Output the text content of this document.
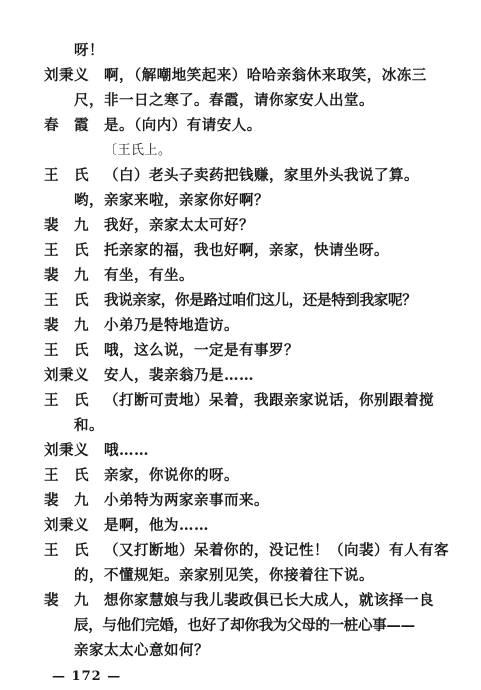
呀！
刘秉义	啊，（解嘲地笑起来）哈哈亲翁休来取笑，冰冻三
尺，非一日之寒了。春霞，请你家安人出堂。
春　霞	是。（向内）有请安人。
〔王氏上。
王　氏	（白）老头子卖药把钱赚，家里外头我说了算。
哟，亲家来啦，亲家你好啊？
裴　九	我好，亲家太太可好？
王　氏	托亲家的福，我也好啊，亲家，快请坐呀。
裴　九	有坐，有坐。
王　氏	我说亲家，你是路过咱们这儿，还是特到我家呢？
裴　九	小弟乃是特地造访。
王　氏	哦，这么说，一定是有事罗？
刘秉义	安人，裴亲翁乃是……
王　氏	（打断可责地）呆着，我跟亲家说话，你别跟着搅
和。
刘秉义	哦……
王　氏	亲家，你说你的呀。
裴　九	小弟特为两家亲事而来。
刘秉义	是啊，他为……
王　氏	（又打断地）呆着你的，没记性！（向裴）有人有客
的，不懂规矩。亲家别见笑，你接着往下说。
裴　九	想你家慧娘与我儿裴政俱已长大成人，就该择一良
辰，与他们完婚，也好了却你我为父母的一桩心事——
亲家太太心意如何？
— 172 —
